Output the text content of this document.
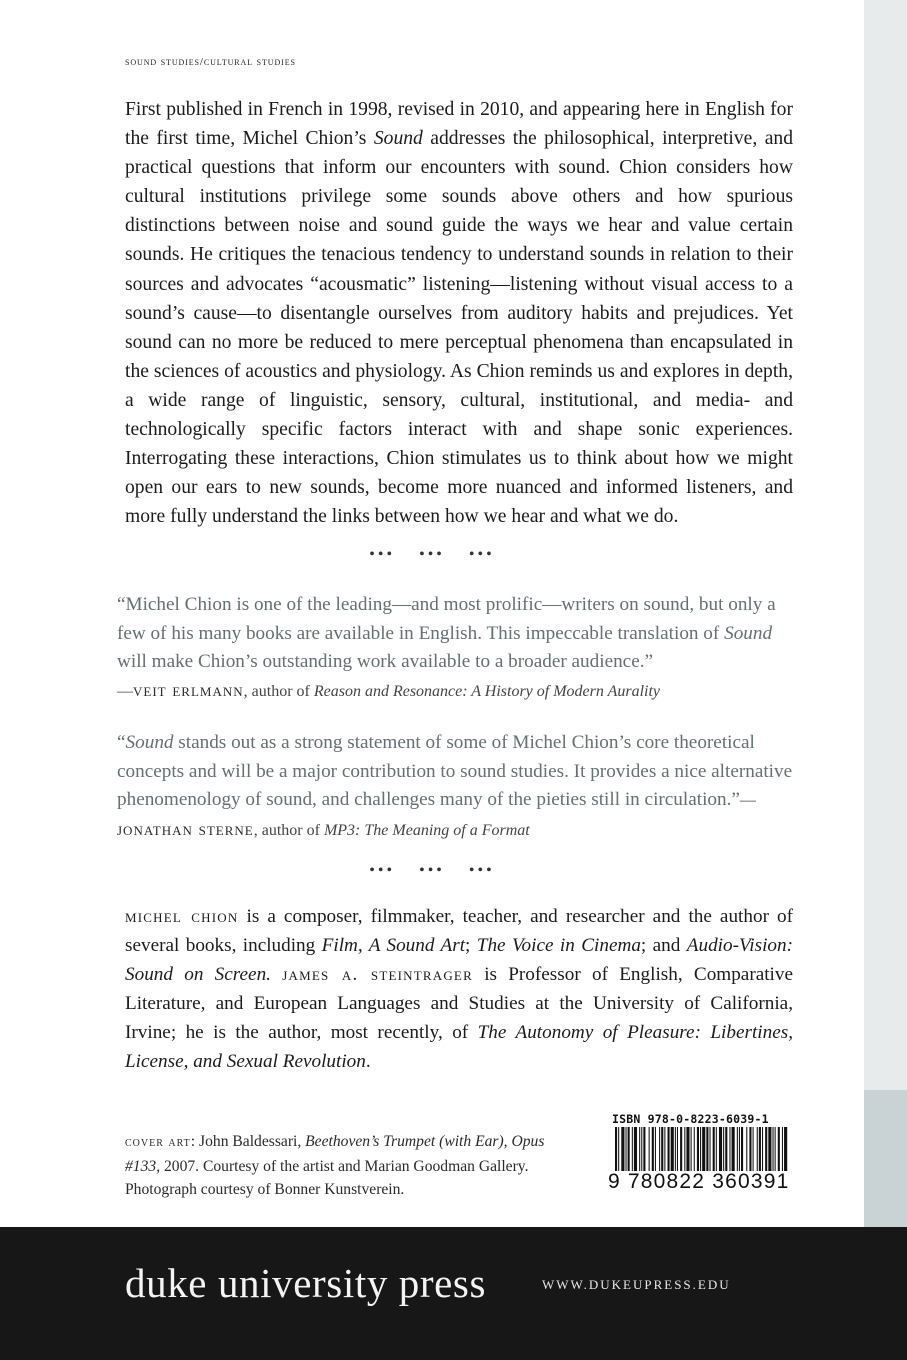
sound studies/cultural studies

First published in French in 1998, revised in 2010, and appearing here in English for the first time, Michel Chion’s Sound addresses the philosophical, interpretive, and practical questions that inform our encounters with sound. Chion considers how cultural institutions privilege some sounds above others and how spurious distinctions between noise and sound guide the ways we hear and value certain sounds. He critiques the tenacious tendency to understand sounds in relation to their sources and advocates “acousmatic” listening—listening without visual access to a sound’s cause—to disentangle ourselves from auditory habits and prejudices. Yet sound can no more be reduced to mere perceptual phenomena than encapsulated in the sciences of acoustics and physiology. As Chion reminds us and explores in depth, a wide range of linguistic, sensory, cultural, institutional, and media- and technologically specific factors interact with and shape sonic experiences. Interrogating these interactions, Chion stimulates us to think about how we might open our ears to new sounds, become more nuanced and informed listeners, and more fully understand the links between how we hear and what we do.

••• ••• •••

“Michel Chion is one of the leading—and most prolific—writers on sound, but only a few of his many books are available in English. This impeccable translation of Sound will make Chion’s outstanding work available to a broader audience.”
—veit erlmann, author of Reason and Resonance: A History of Modern Aurality

“Sound stands out as a strong statement of some of Michel Chion’s core theoretical concepts and will be a major contribution to sound studies. It provides a nice alternative phenomenology of sound, and challenges many of the pieties still in circulation.”—jonathan sterne, author of MP3: The Meaning of a Format

••• ••• •••

michel chion is a composer, filmmaker, teacher, and researcher and the author of several books, including Film, A Sound Art; The Voice in Cinema; and Audio-Vision: Sound on Screen. james a. steintrager is Professor of English, Comparative Literature, and European Languages and Studies at the University of California, Irvine; he is the author, most recently, of The Autonomy of Pleasure: Libertines, License, and Sexual Revolution.

cover art: John Baldessari, Beethoven’s Trumpet (with Ear), Opus #133, 2007. Courtesy of the artist and Marian Goodman Gallery. Photograph courtesy of Bonner Kunstverein.

ISBN 978-0-8223-6039-1
9 780822 360391
duke university press	WWW.DUKEUPRESS.EDU
